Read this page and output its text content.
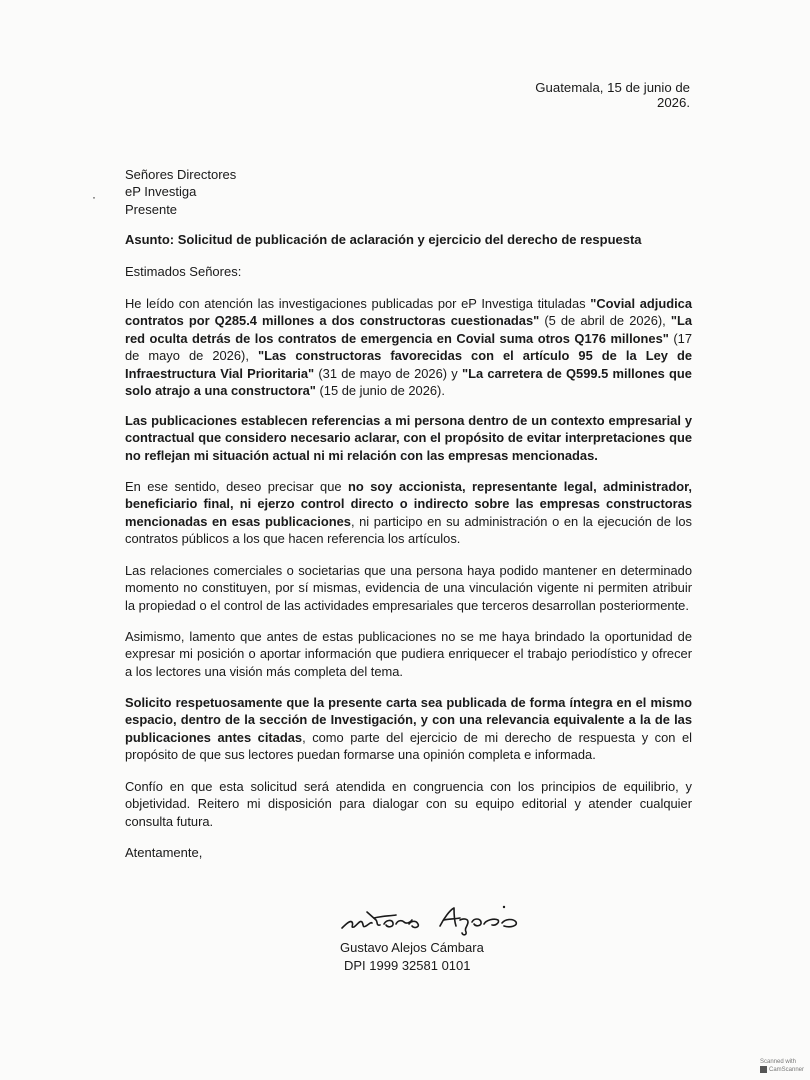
Guatemala, 15 de junio de 2026.
·
Señores Directores
eP Investiga
Presente
Asunto: Solicitud de publicación de aclaración y ejercicio del derecho de respuesta
Estimados Señores:
He leído con atención las investigaciones publicadas por eP Investiga tituladas "Covial adjudica contratos por Q285.4 millones a dos constructoras cuestionadas" (5 de abril de 2026), "La red oculta detrás de los contratos de emergencia en Covial suma otros Q176 millones" (17 de mayo de 2026), "Las constructoras favorecidas con el artículo 95 de la Ley de Infraestructura Vial Prioritaria" (31 de mayo de 2026) y "La carretera de Q599.5 millones que solo atrajo a una constructora" (15 de junio de 2026).
Las publicaciones establecen referencias a mi persona dentro de un contexto empresarial y contractual que considero necesario aclarar, con el propósito de evitar interpretaciones que no reflejan mi situación actual ni mi relación con las empresas mencionadas.
En ese sentido, deseo precisar que no soy accionista, representante legal, administrador, beneficiario final, ni ejerzo control directo o indirecto sobre las empresas constructoras mencionadas en esas publicaciones, ni participo en su administración o en la ejecución de los contratos públicos a los que hacen referencia los artículos.
Las relaciones comerciales o societarias que una persona haya podido mantener en determinado momento no constituyen, por sí mismas, evidencia de una vinculación vigente ni permiten atribuir la propiedad o el control de las actividades empresariales que terceros desarrollan posteriormente.
Asimismo, lamento que antes de estas publicaciones no se me haya brindado la oportunidad de expresar mi posición o aportar información que pudiera enriquecer el trabajo periodístico y ofrecer a los lectores una visión más completa del tema.
Solicito respetuosamente que la presente carta sea publicada de forma íntegra en el mismo espacio, dentro de la sección de Investigación, y con una relevancia equivalente a la de las publicaciones antes citadas, como parte del ejercicio de mi derecho de respuesta y con el propósito de que sus lectores puedan formarse una opinión completa e informada.
Confío en que esta solicitud será atendida en congruencia con los principios de equilibrio, y objetividad. Reitero mi disposición para dialogar con su equipo editorial y atender cualquier consulta futura.
Atentamente,
Gustavo Alejos Cámbara
DPI 1999 32581 0101
Scanned with
CamScanner
